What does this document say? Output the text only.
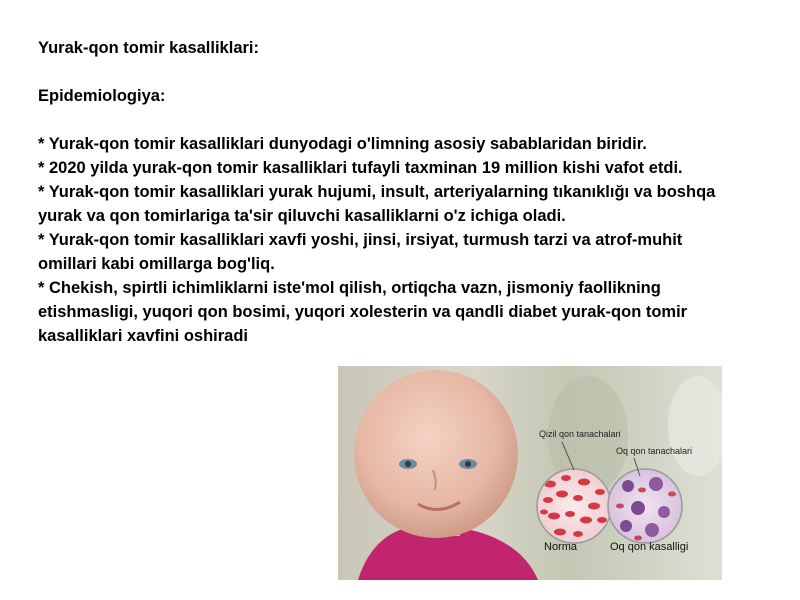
Yurak-qon tomir kasalliklari:

Epidemiologiya:

* Yurak-qon tomir kasalliklari dunyodagi o'limning asosiy sabablaridan biridir.

* 2020 yilda yurak-qon tomir kasalliklari tufayli taxminan 19 million kishi vafot etdi.

* Yurak-qon tomir kasalliklari yurak hujumi, insult, arteriyalarning tıkanıklığı va boshqa yurak va qon tomirlariga ta'sir qiluvchi kasalliklarni o'z ichiga oladi.

* Yurak-qon tomir kasalliklari xavfi yoshi, jinsi, irsiyat, turmush tarzi va atrof-muhit omillari kabi omillarga bog'liq.

* Chekish, spirtli ichimliklarni iste'mol qilish, ortiqcha vazn, jismoniy faollikning etishmasligi, yuqori qon bosimi, yuqori xolesterin va qandli diabet yurak-qon tomir kasalliklari xavfini oshiradi

Qizil qon tanachalari
Oq qon tanachalari
Norma	Oq qon kasalligi
